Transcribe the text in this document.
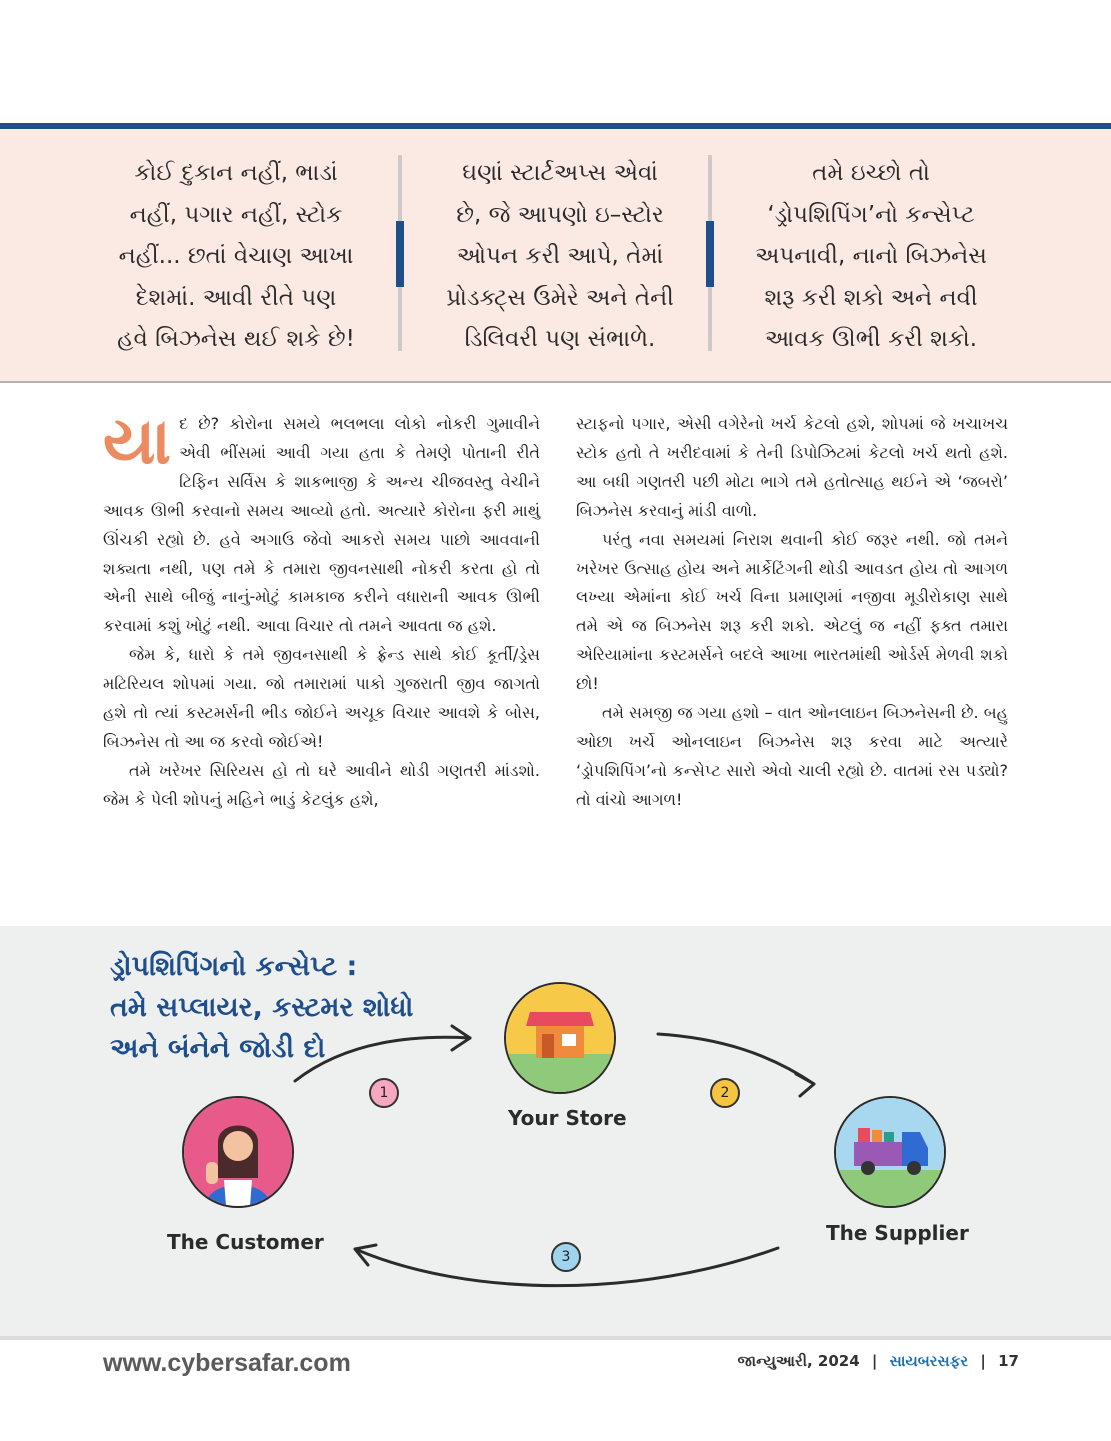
કોઈ દુકાન નહીં, ભાડાં

નહીં, પગાર નહીં, સ્ટોક

નહીં... છતાં વેચાણ આખા

દેશમાં. આવી રીતે પણ

હવે બિઝનેસ થઈ શકે છે!

ઘણાં સ્ટાર્ટઅપ્સ એવાં

છે, જે આપણો ઇ–સ્ટોર

ઓપન કરી આપે, તેમાં

પ્રોડક્ટ્સ ઉમેરે અને તેની

ડિલિવરી પણ સંભાળે.

તમે ઇચ્છો તો

‘ડ્રોપશિપિંગ’નો કન્સેપ્ટ

અપનાવી, નાનો બિઝનેસ

શરૂ કરી શકો અને નવી

આવક ઊભી કરી શકો.

યાદ છે? કોરોના સમયે ભલભલા લોકો નોકરી ગુમાવીને એવી ભીંસમાં આવી ગયા હતા કે તેમણે પોતાની રીતે ટિફિન સર્વિસ કે શાકભાજી કે અન્ય ચીજવસ્તુ વેચીને આવક ઊભી કરવાનો સમય આવ્યો હતો. અત્યારે કોરોના ફરી માથું ઊંચકી રહ્યો છે. હવે અગાઉ જેવો આકરો સમય પાછો આવવાની શક્યતા નથી, પણ તમે કે તમારા જીવનસાથી નોકરી કરતા હો તો એની સાથે બીજું નાનું-મોટું કામકાજ કરીને વધારાની આવક ઊભી કરવામાં કશું ખોટું નથી. આવા વિચાર તો તમને આવતા જ હશે.

જેમ કે, ધારો કે તમે જીવનસાથી કે ફ્રેન્ડ સાથે કોઈ કૂર્તી/ડ્રેસ મટિરિયલ શોપમાં ગયા. જો તમારામાં પાકો ગુજરાતી જીવ જાગતો હશે તો ત્યાં કસ્ટમર્સની ભીડ જોઈને અચૂક વિચાર આવશે કે બોસ, બિઝનેસ તો આ જ કરવો જોઈએ!

તમે ખરેખર સિરિયસ હો તો ઘરે આવીને થોડી ગણતરી માંડશો. જેમ કે પેલી શોપનું મહિને ભાડું કેટલુંક હશે,

સ્ટાફનો પગાર, એસી વગેરેનો ખર્ચ કેટલો હશે, શોપમાં જે ખચાખચ સ્ટોક હતો તે ખરીદવામાં કે તેની ડિપોઝિટમાં કેટલો ખર્ચ થતો હશે. આ બધી ગણતરી પછી મોટા ભાગે તમે હતોત્સાહ થઈને એ ‘જબરો’ બિઝનેસ કરવાનું માંડી વાળો.

પરંતુ નવા સમયમાં નિરાશ થવાની કોઈ જરૂર નથી. જો તમને ખરેખર ઉત્સાહ હોય અને માર્કેટિંગની થોડી આવડત હોય તો આગળ લખ્યા એમાંના કોઈ ખર્ચ વિના પ્રમાણમાં નજીવા મૂડીરોકાણ સાથે તમે એ જ બિઝનેસ શરૂ કરી શકો. એટલું જ નહીં ફક્ત તમારા એરિયામાંના કસ્ટમર્સને બદલે આખા ભારતમાંથી ઓર્ડર્સ મેળવી શકો છો!

તમે સમજી જ ગયા હશો – વાત ઓનલાઇન બિઝનેસની છે. બહુ ઓછા ખર્ચે ઓનલાઇન બિઝનેસ શરૂ કરવા માટે અત્યારે ‘ડ્રોપશિપિંગ’નો કન્સેપ્ટ સારો એવો ચાલી રહ્યો છે. વાતમાં રસ પડ્યો? તો વાંચો આગળ!

ડ્રોપશિપિંગનો કન્સેપ્ટ :
તમે સપ્લાયર, કસ્ટમર શોધો
અને બંનેને જોડી દો
Your Store
The Customer	The Supplier
1	2
3
www.cybersafar.com	જાન્યુઆરી, 2024 | સાયબરસફર | 17
